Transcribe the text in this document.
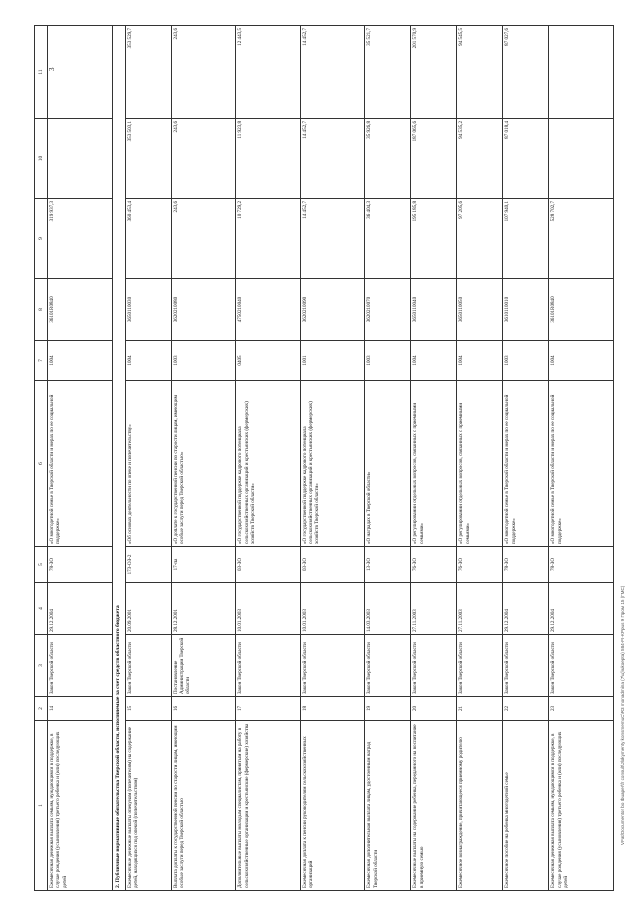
3
1	2	3	4	5	6	7	8	9	10	11
Ежемесячная денежная выплата семьям, нуждающимся в поддержке, в случае рождения (усыновления) третьего ребенка и (или) последующих детей	14	Закон Тверской области	29.12.2004	78-ЗО	«О многодетной семье в Тверской области и мерах по ее социальной поддержке»	1004	36101R0840	319 937,3		
2. Публичные нормативные обязательства Тверской области, исполняемые за счет средств областного бюджета										
Ежемесячные денежные выплаты опекунам (попечителям) на содержание детей, находящихся под опекой (попечительством)	15	Закон Тверской области	20.09.2001	173-ОЗ-2	«Об основах деятельности по опеке и попечительству»	1004	3650110030	360 453,4	353 503,1	353 529,7
Выплата доплаты к государственной пенсии по старости лицам, имеющим особые заслуги перед Тверской областью	16	Постановление Администрации Тверской области	28.12.2001	17-па	«О доплате к государственной пенсии по старости лицам, имеющим особые заслуги перед Тверской областью»	1003	3620210080	243,6	243,6	243,6
Дополнительные выплаты молодым специалистам, принятым на работу в сельскохозяйственные организации и крестьянские (фермерские) хозяйства	17	Закон Тверской области	10.01.2003	03-ЗО	«О государственной поддержке кадрового потенциала сельскохозяйственных организаций и крестьянских (фермерских) хозяйств Тверской области»	0405	4750210040	10 729,2	11 923,8	12 443,5
Ежемесячная доплата к пенсии руководителям сельскохозяйственных организаций	18	Закон Тверской области	10.01.2003	03-ЗО	«О государственной поддержке кадрового потенциала сельскохозяйственных организаций и крестьянских (фермерских) хозяйств Тверской области»	1001	3620210090	14 452,7	14 452,7	14 452,7
Ежемесячная дополнительная выплата лицам, удостоенным наград Тверской области	19	Закон Тверской области	14.03.2003	13-ЗО	«О наградах в Тверской области»	1003	3620210070	36 404,3	35 926,8	35 521,7
Ежемесячные выплаты на содержание ребенка, переданного на воспитание в приемную семью	20	Закон Тверской области	27.11.2003	76-ЗО	«О регулировании отдельных вопросов, связанных с приемными семьями»	1004	3650110040	195 185,8	187 065,6	201 570,9
Ежемесячное вознаграждение, причитающееся приемному родителю	21	Закон Тверской области	27.11.2003	76-ЗО	«О регулировании отдельных вопросов, связанных с приемными семьями»	1004	3650110050	97 205,6	94 535,2	94 545,5
Ежемесячное пособие на ребенка многодетной семье	22	Закон Тверской области	29.12.2004	78-ЗО	«О многодетной семье в Тверской области и мерах по ее социальной поддержке»	1003	3610110010	107 940,1	87 018,4	87 027,6
Ежемесячная денежная выплата семьям, нуждающимся в поддержке, в случае рождения (усыновления) третьего ребенка и (или) последующих детей	23	Закон Тверской области	29.12.2004	78-ЗО	«О многодетной семье в Тверской области и мерах по ее социальной поддержке»	1004	36101R0840	528 702,7		
VFat/Documentor bo Ibuaper\fr consult\Jlokymenty konsmemuC\R3 monadmina (7\u)\ukoepta) 584-FI-KPpus 9 Пром 15 (ГМС)
